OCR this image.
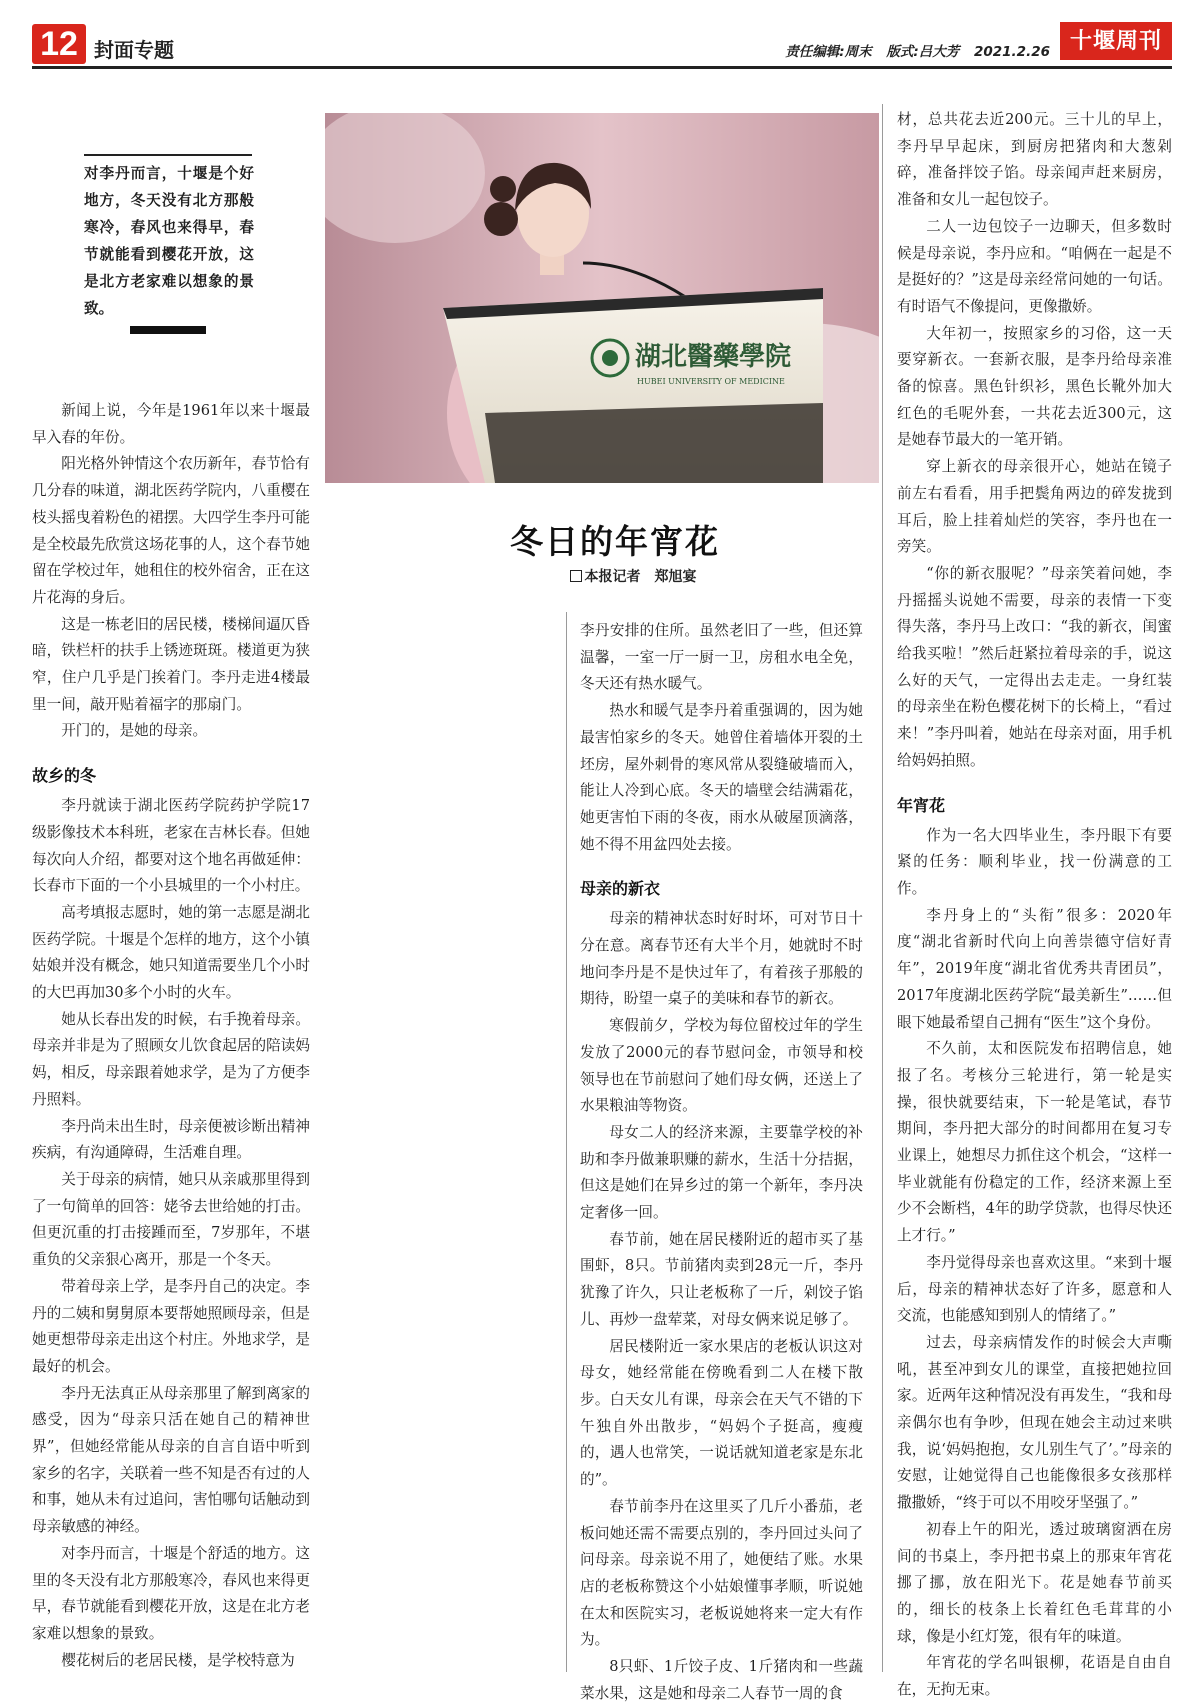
12 封面专题	责任编辑:周末 版式:吕大芳 2021.2.26 十堰周刊
对李丹而言，十堰是个好地方，冬天没有北方那般寒冷，春风也来得早，春节就能看到樱花开放，这是北方老家难以想象的景致。
湖北醫藥學院
HUBEI UNIVERSITY OF MEDICINE
冬日的年宵花
本报记者　郑旭宴

新闻上说，今年是1961年以来十堰最早入春的年份。

阳光格外钟情这个农历新年，春节恰有几分春的味道，湖北医药学院内，八重樱在枝头摇曳着粉色的裙摆。大四学生李丹可能是全校最先欣赏这场花事的人，这个春节她留在学校过年，她租住的校外宿舍，正在这片花海的身后。

这是一栋老旧的居民楼，楼梯间逼仄昏暗，铁栏杆的扶手上锈迹斑斑。楼道更为狭窄，住户几乎是门挨着门。李丹走进4楼最里一间，敲开贴着福字的那扇门。

开门的，是她的母亲。

故乡的冬

李丹就读于湖北医药学院药护学院17级影像技术本科班，老家在吉林长春。但她每次向人介绍，都要对这个地名再做延伸：长春市下面的一个小县城里的一个小村庄。

高考填报志愿时，她的第一志愿是湖北医药学院。十堰是个怎样的地方，这个小镇姑娘并没有概念，她只知道需要坐几个小时的大巴再加30多个小时的火车。

她从长春出发的时候，右手挽着母亲。母亲并非是为了照顾女儿饮食起居的陪读妈妈，相反，母亲跟着她求学，是为了方便李丹照料。

李丹尚未出生时，母亲便被诊断出精神疾病，有沟通障碍，生活难自理。

关于母亲的病情，她只从亲戚那里得到了一句简单的回答：姥爷去世给她的打击。但更沉重的打击接踵而至，7岁那年，不堪重负的父亲狠心离开，那是一个冬天。

带着母亲上学，是李丹自己的决定。李丹的二姨和舅舅原本要帮她照顾母亲，但是她更想带母亲走出这个村庄。外地求学，是最好的机会。

李丹无法真正从母亲那里了解到离家的感受，因为“母亲只活在她自己的精神世界”，但她经常能从母亲的自言自语中听到家乡的名字，关联着一些不知是否有过的人和事，她从未有过追问，害怕哪句话触动到母亲敏感的神经。

对李丹而言，十堰是个舒适的地方。这里的冬天没有北方那般寒冷，春风也来得更早，春节就能看到樱花开放，这是在北方老家难以想象的景致。

樱花树后的老居民楼，是学校特意为

李丹安排的住所。虽然老旧了一些，但还算温馨，一室一厅一厨一卫，房租水电全免，冬天还有热水暖气。

热水和暖气是李丹着重强调的，因为她最害怕家乡的冬天。她曾住着墙体开裂的土坯房，屋外刺骨的寒风常从裂缝破墙而入，能让人冷到心底。冬天的墙壁会结满霜花，她更害怕下雨的冬夜，雨水从破屋顶滴落，她不得不用盆四处去接。

母亲的新衣

母亲的精神状态时好时坏，可对节日十分在意。离春节还有大半个月，她就时不时地问李丹是不是快过年了，有着孩子那般的期待，盼望一桌子的美味和春节的新衣。

寒假前夕，学校为每位留校过年的学生发放了2000元的春节慰问金，市领导和校领导也在节前慰问了她们母女俩，还送上了水果粮油等物资。

母女二人的经济来源，主要靠学校的补助和李丹做兼职赚的薪水，生活十分拮据，但这是她们在异乡过的第一个新年，李丹决定奢侈一回。

春节前，她在居民楼附近的超市买了基围虾，8只。节前猪肉卖到28元一斤，李丹犹豫了许久，只让老板称了一斤，剁饺子馅儿、再炒一盘荤菜，对母女俩来说足够了。

居民楼附近一家水果店的老板认识这对母女，她经常能在傍晚看到二人在楼下散步。白天女儿有课，母亲会在天气不错的下午独自外出散步，“妈妈个子挺高，瘦瘦的，遇人也常笑，一说话就知道老家是东北的”。

春节前李丹在这里买了几斤小番茄，老板问她还需不需要点别的，李丹回过头问了问母亲。母亲说不用了，她便结了账。水果店的老板称赞这个小姑娘懂事孝顺，听说她在太和医院实习，老板说她将来一定大有作为。

8只虾、1斤饺子皮、1斤猪肉和一些蔬菜水果，这是她和母亲二人春节一周的食

材，总共花去近200元。三十儿的早上，李丹早早起床，到厨房把猪肉和大葱剁碎，准备拌饺子馅。母亲闻声赶来厨房，准备和女儿一起包饺子。

二人一边包饺子一边聊天，但多数时候是母亲说，李丹应和。“咱俩在一起是不是挺好的？”这是母亲经常问她的一句话。有时语气不像提问，更像撒娇。

大年初一，按照家乡的习俗，这一天要穿新衣。一套新衣服，是李丹给母亲准备的惊喜。黑色针织衫，黑色长靴外加大红色的毛呢外套，一共花去近300元，这是她春节最大的一笔开销。

穿上新衣的母亲很开心，她站在镜子前左右看看，用手把鬓角两边的碎发拢到耳后，脸上挂着灿烂的笑容，李丹也在一旁笑。

“你的新衣服呢？”母亲笑着问她，李丹摇摇头说她不需要，母亲的表情一下变得失落，李丹马上改口：“我的新衣，闺蜜给我买啦！”然后赶紧拉着母亲的手，说这么好的天气，一定得出去走走。一身红装的母亲坐在粉色樱花树下的长椅上，“看过来！”李丹叫着，她站在母亲对面，用手机给妈妈拍照。

年宵花

作为一名大四毕业生，李丹眼下有要紧的任务：顺利毕业，找一份满意的工作。

李丹身上的“头衔”很多：2020年度“湖北省新时代向上向善崇德守信好青年”，2019年度“湖北省优秀共青团员”，2017年度湖北医药学院“最美新生”……但眼下她最希望自己拥有“医生”这个身份。

不久前，太和医院发布招聘信息，她报了名。考核分三轮进行，第一轮是实操，很快就要结束，下一轮是笔试，春节期间，李丹把大部分的时间都用在复习专业课上，她想尽力抓住这个机会，“这样一毕业就能有份稳定的工作，经济来源上至少不会断档，4年的助学贷款，也得尽快还上才行。”

李丹觉得母亲也喜欢这里。“来到十堰后，母亲的精神状态好了许多，愿意和人交流，也能感知到别人的情绪了。”

过去，母亲病情发作的时候会大声嘶吼，甚至冲到女儿的课堂，直接把她拉回家。近两年这种情况没有再发生，“我和母亲偶尔也有争吵，但现在她会主动过来哄我，说‘妈妈抱抱，女儿别生气了’。”母亲的安慰，让她觉得自己也能像很多女孩那样撒撒娇，“终于可以不用咬牙坚强了。”

初春上午的阳光，透过玻璃窗洒在房间的书桌上，李丹把书桌上的那束年宵花挪了挪，放在阳光下。花是她春节前买的，细长的枝条上长着红色毛茸茸的小球，像是小红灯笼，很有年的味道。

年宵花的学名叫银柳，花语是自由自在，无拘无束。
